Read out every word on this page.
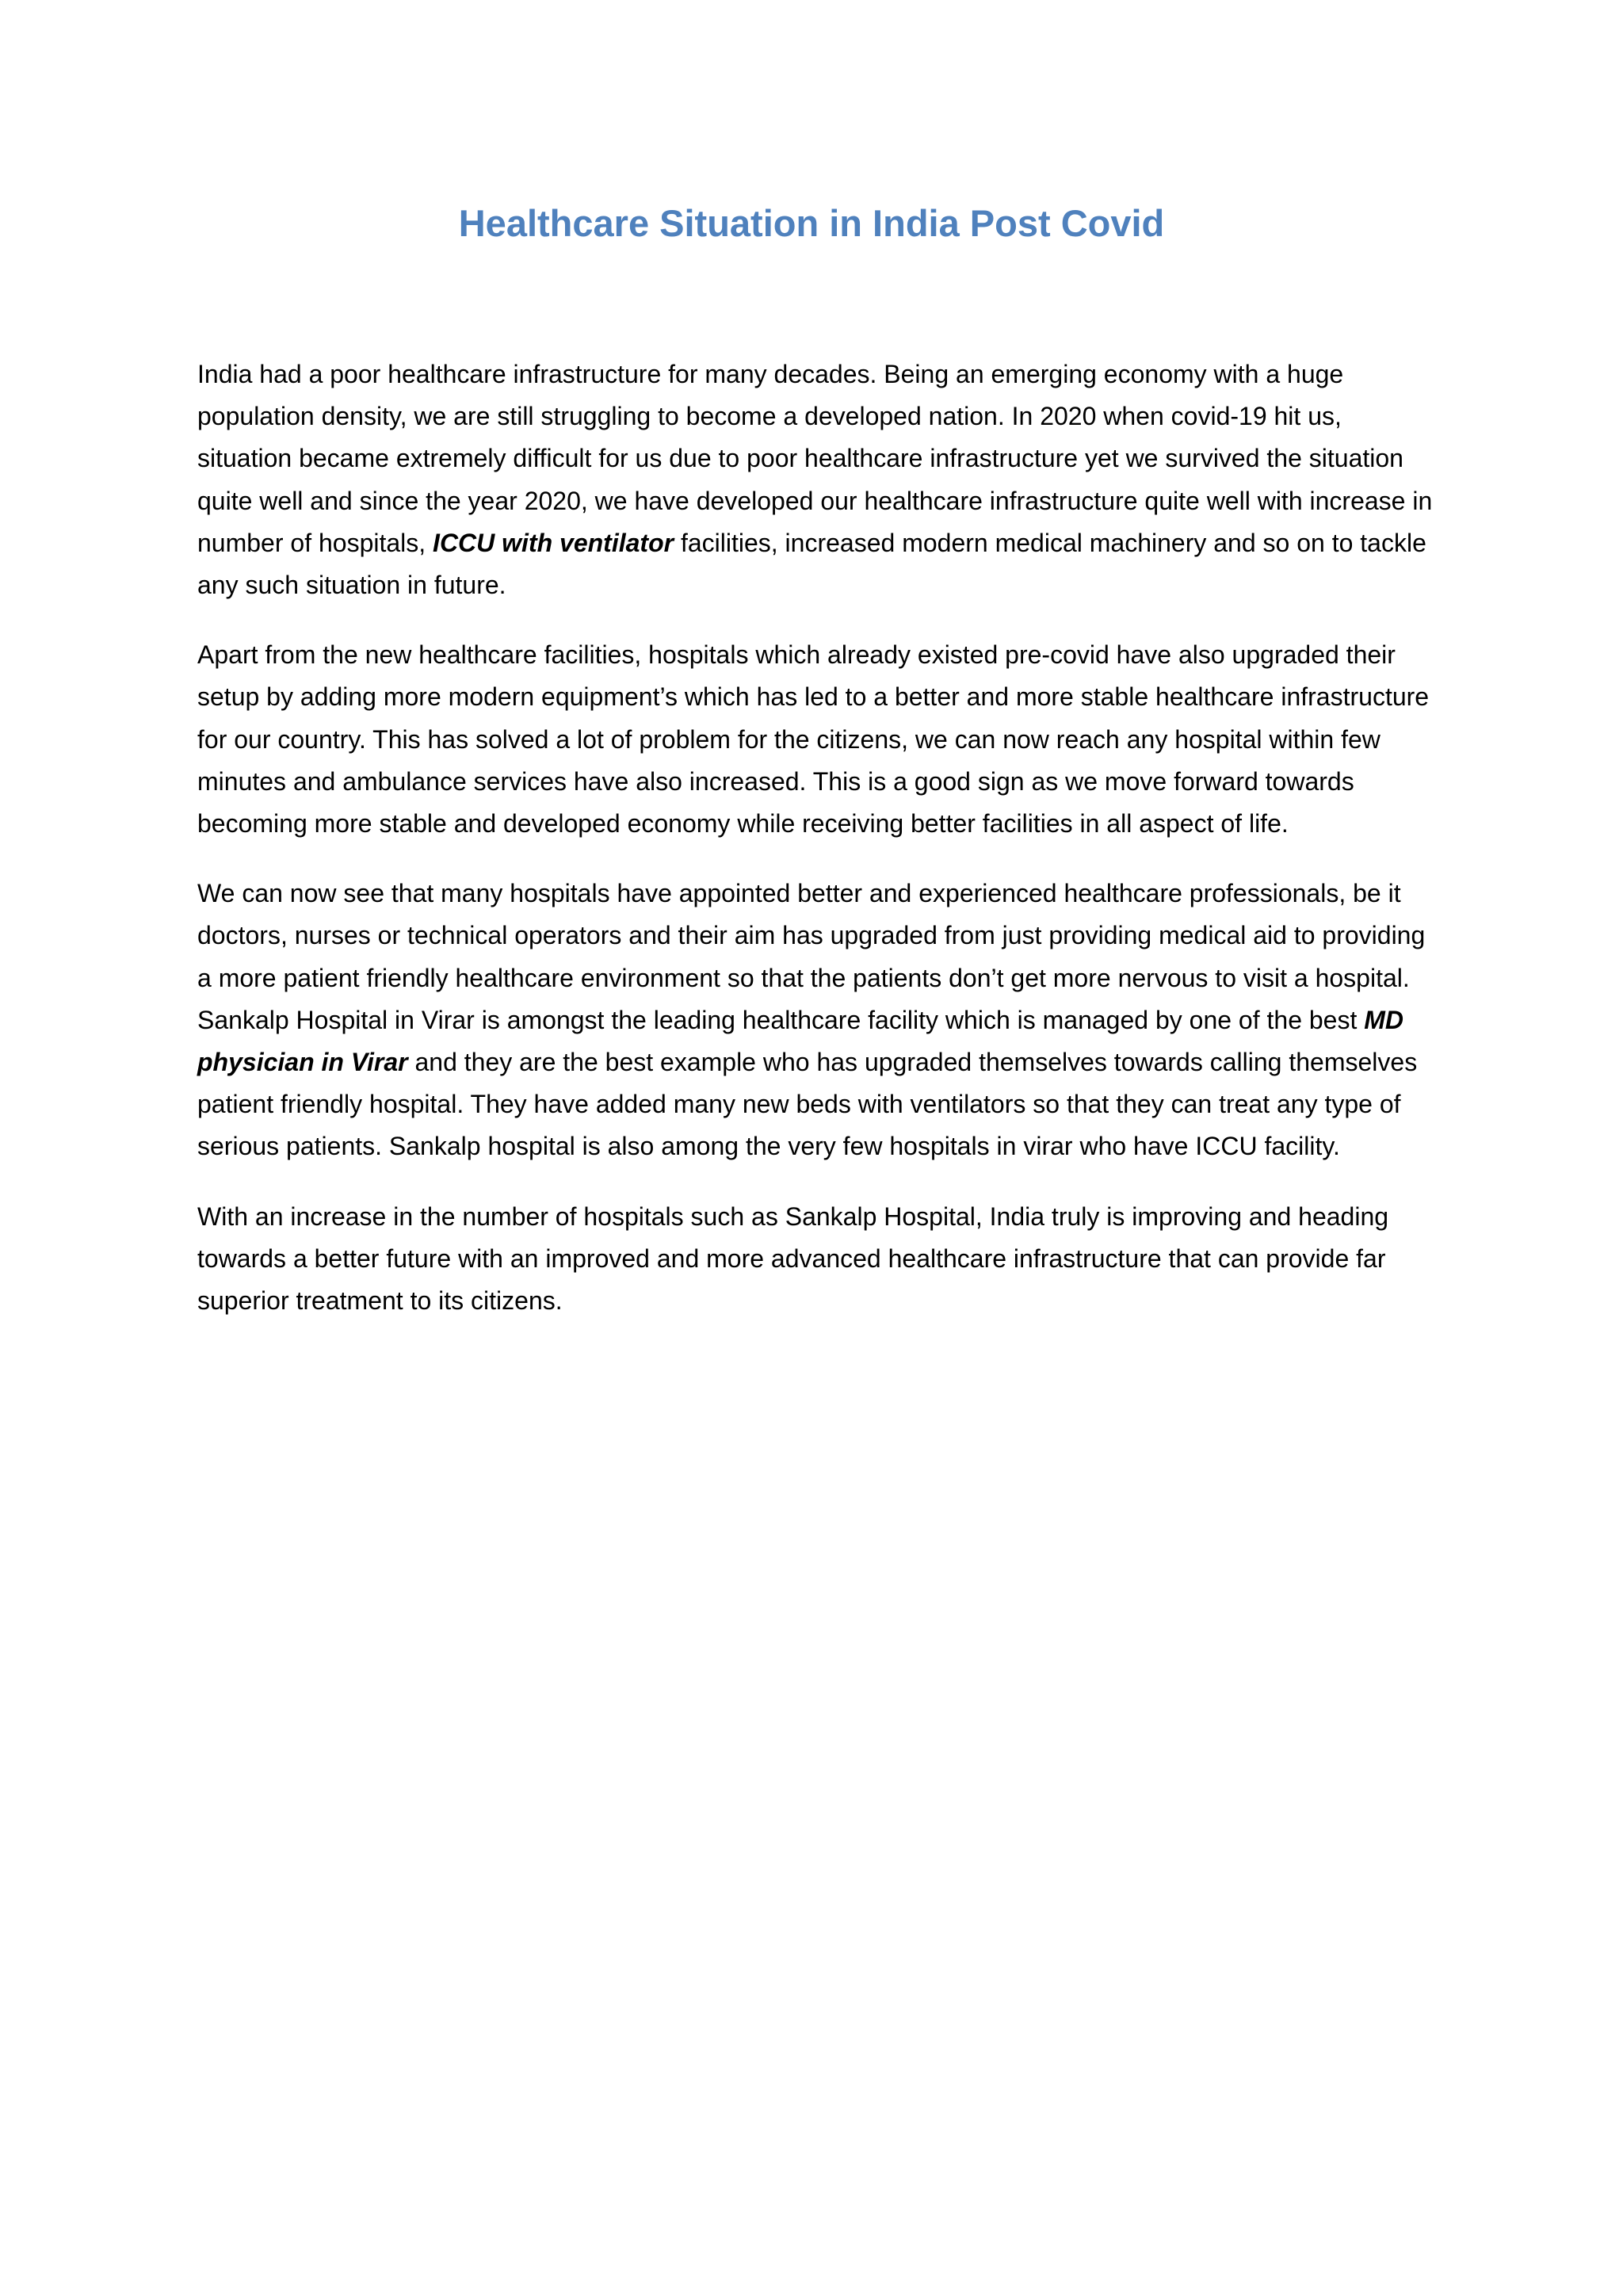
Healthcare Situation in India Post Covid

India had a poor healthcare infrastructure for many decades. Being an emerging economy with a huge population density, we are still struggling to become a developed nation. In 2020 when covid-19 hit us, situation became extremely difficult for us due to poor healthcare infrastructure yet we survived the situation quite well and since the year 2020, we have developed our healthcare infrastructure quite well with increase in number of hospitals, ICCU with ventilator facilities, increased modern medical machinery and so on to tackle any such situation in future.

Apart from the new healthcare facilities, hospitals which already existed pre-covid have also upgraded their setup by adding more modern equipment’s which has led to a better and more stable healthcare infrastructure for our country. This has solved a lot of problem for the citizens, we can now reach any hospital within few minutes and ambulance services have also increased. This is a good sign as we move forward towards becoming more stable and developed economy while receiving better facilities in all aspect of life.

We can now see that many hospitals have appointed better and experienced healthcare professionals, be it doctors, nurses or technical operators and their aim has upgraded from just providing medical aid to providing a more patient friendly healthcare environment so that the patients don’t get more nervous to visit a hospital. Sankalp Hospital in Virar is amongst the leading healthcare facility which is managed by one of the best MD physician in Virar and they are the best example who has upgraded themselves towards calling themselves patient friendly hospital. They have added many new beds with ventilators so that they can treat any type of serious patients. Sankalp hospital is also among the very few hospitals in virar who have ICCU facility.

With an increase in the number of hospitals such as Sankalp Hospital, India truly is improving and heading towards a better future with an improved and more advanced healthcare infrastructure that can provide far superior treatment to its citizens.
